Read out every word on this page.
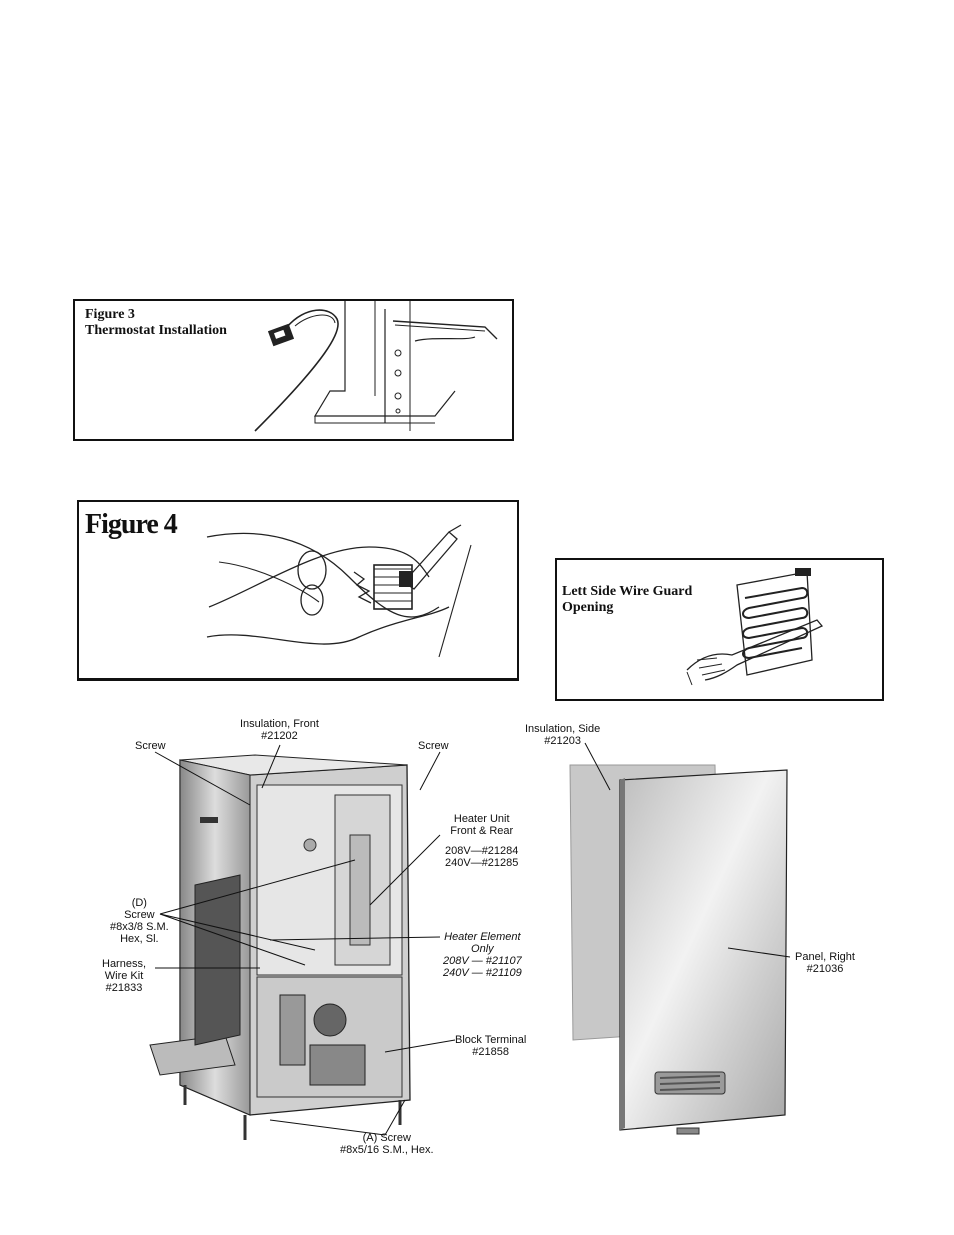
Figure 3
Thermostat Installation
Figure 4
Lett Side Wire Guard
Opening
Insulation, Front
#21202
Screw	Screw
Heater Unit
Front & Rear
208V—#21284
240V—#21285
(D)
Screw
#8x3/8 S.M.
Hex, Sl.	Heater Element
Only
208V — #21107
240V — #21109
Harness,
Wire Kit
#21833
Block Terminal
#21858
(A) Screw
#8x5/16 S.M., Hex.
Insulation, Side
#21203
Panel, Right
#21036
